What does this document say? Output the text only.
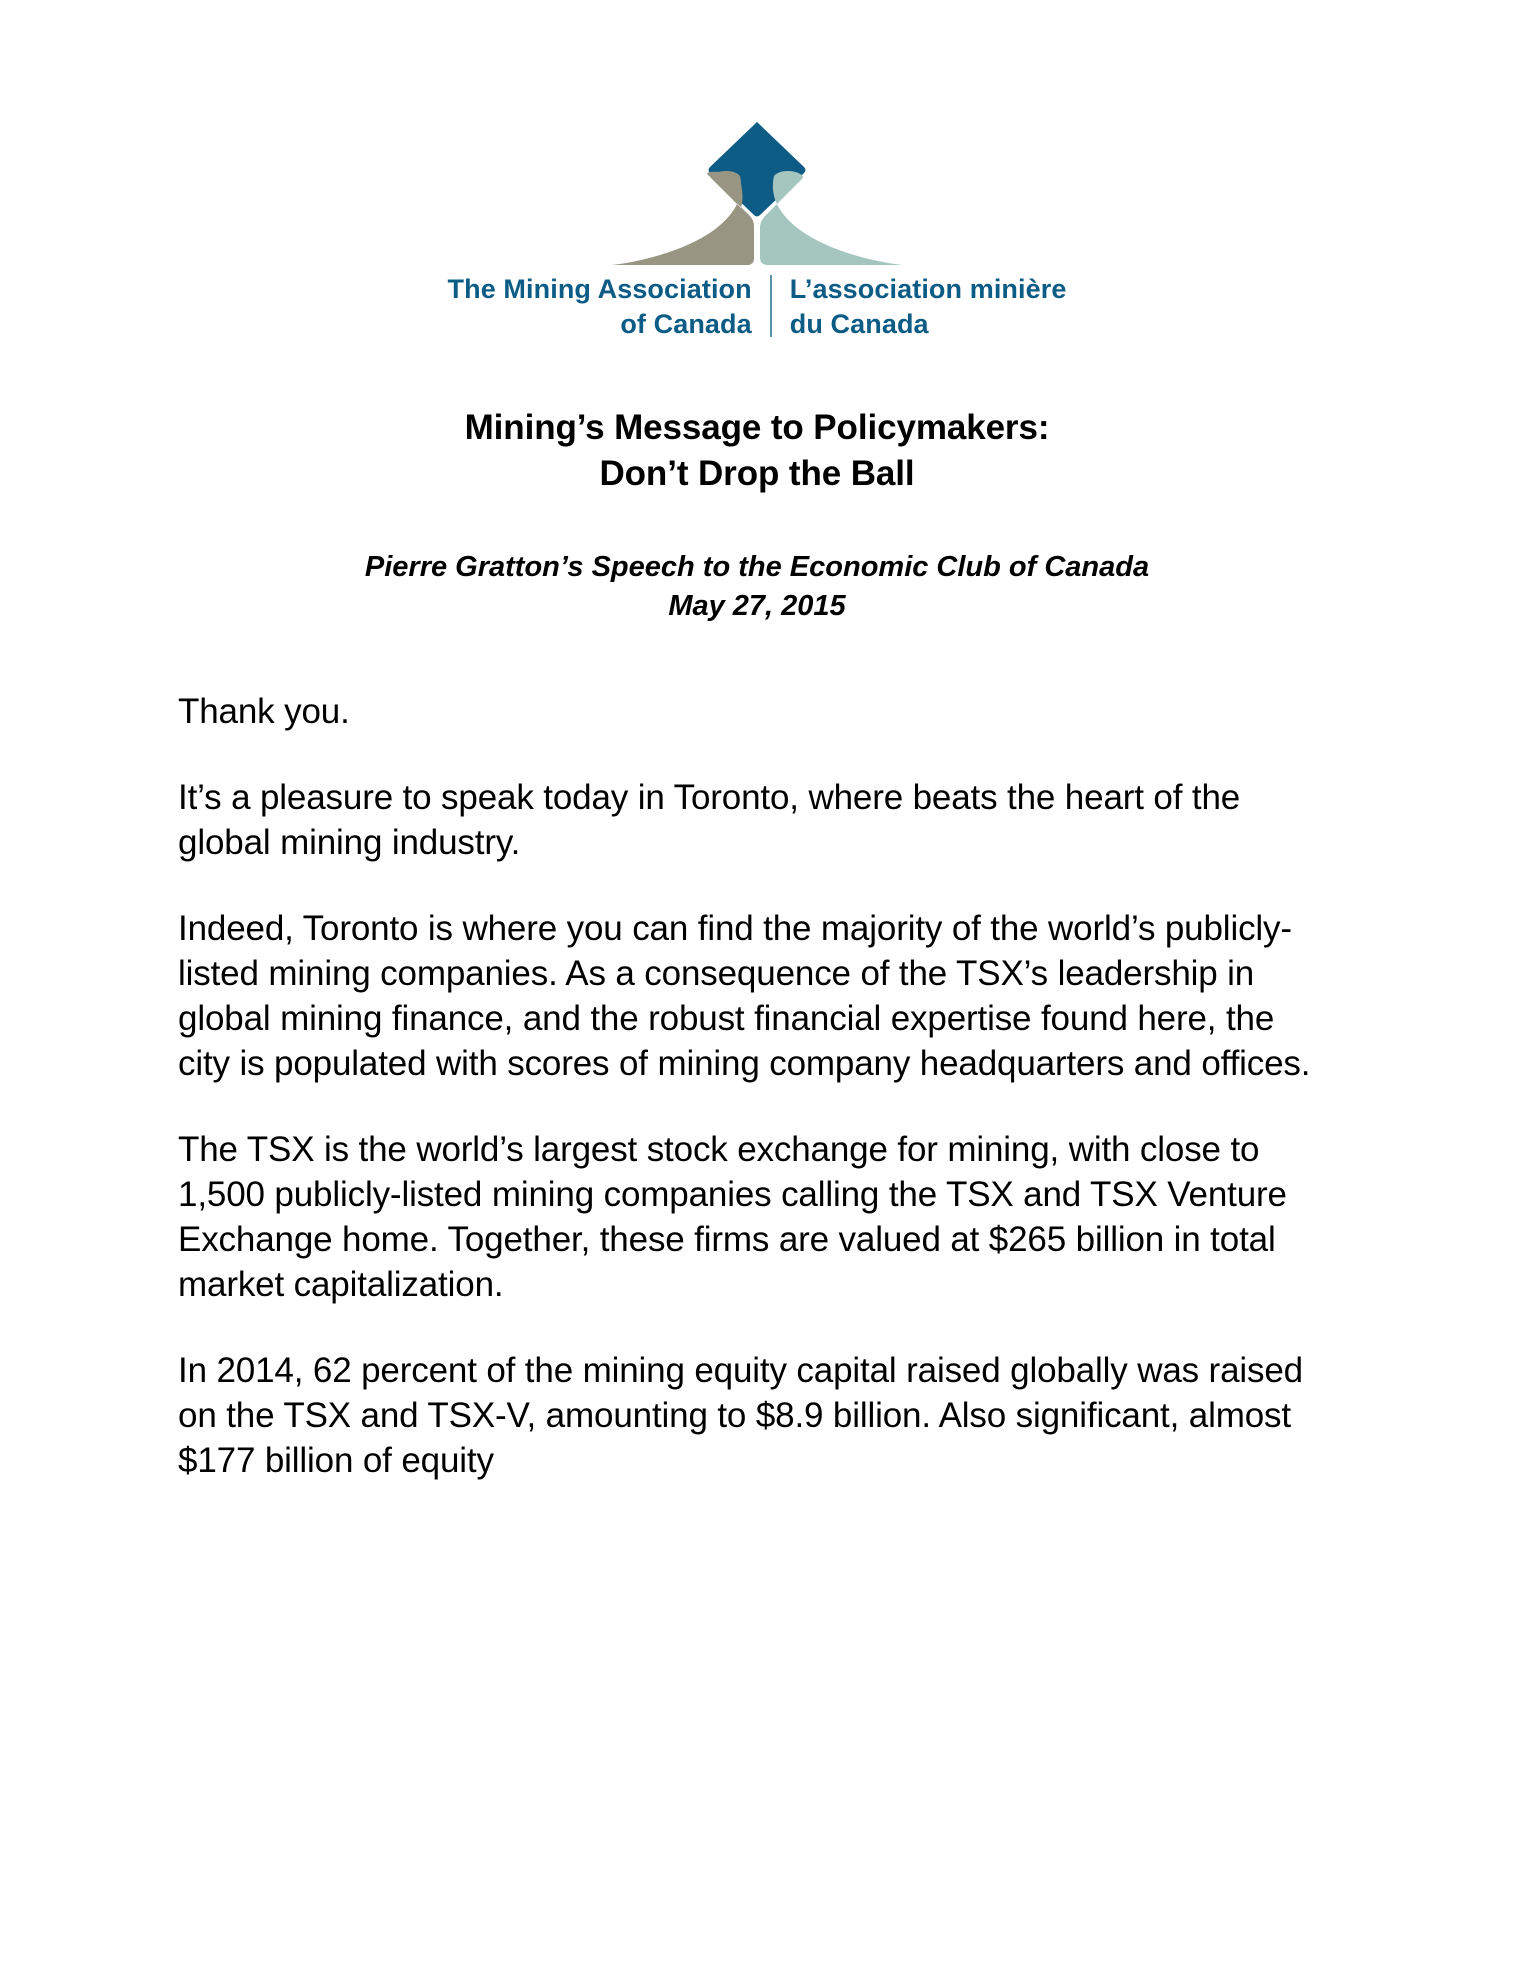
The Mining Association
of Canada
L’association minière
du Canada
Mining’s Message to Policymakers:
Don’t Drop the Ball
Pierre Gratton’s Speech to the Economic Club of Canada
May 27, 2015

Thank you.

It’s a pleasure to speak today in Toronto, where beats the heart of the global mining industry.

Indeed, Toronto is where you can find the majority of the world’s publicly-listed mining companies. As a consequence of the TSX’s leadership in global mining finance, and the robust financial expertise found here, the city is populated with scores of mining company headquarters and offices.

The TSX is the world’s largest stock exchange for mining, with close to 1,500 publicly-listed mining companies calling the TSX and TSX Venture Exchange home. Together, these firms are valued at $265 billion in total market capitalization.

In 2014, 62 percent of the mining equity capital raised globally was raised on the TSX and TSX-V, amounting to $8.9 billion. Also significant, almost $177 billion of equity
